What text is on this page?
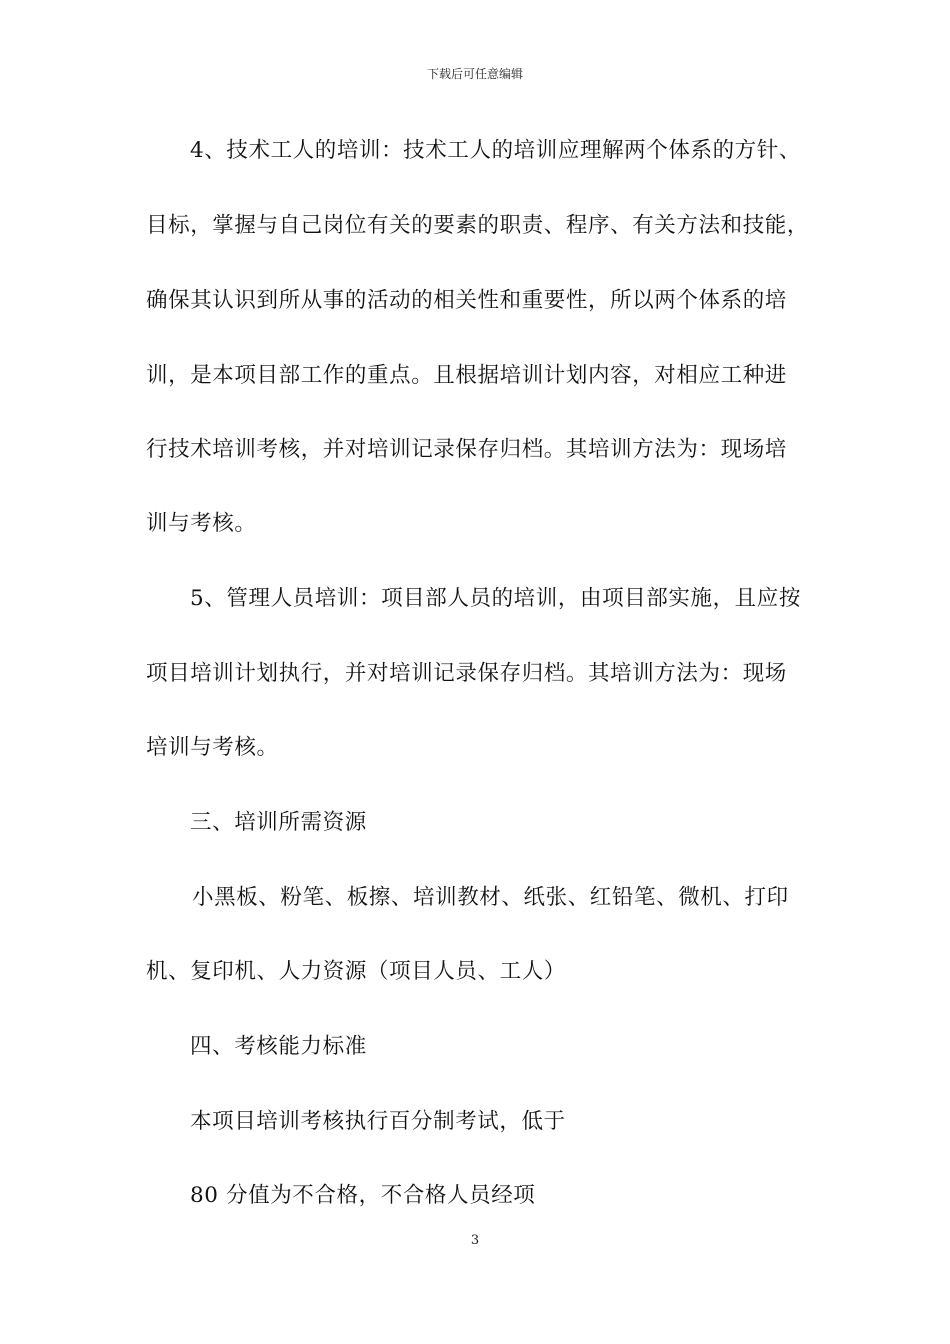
下载后可任意编辑
4、技术工人的培训：技术工人的培训应理解两个体系的方针、
目标，掌握与自己岗位有关的要素的职责、程序、有关方法和技能，
确保其认识到所从事的活动的相关性和重要性，所以两个体系的培
训，是本项目部工作的重点。且根据培训计划内容，对相应工种进
行技术培训考核，并对培训记录保存归档。其培训方法为：现场培
训与考核。
5、管理人员培训：项目部人员的培训，由项目部实施，且应按
项目培训计划执行，并对培训记录保存归档。其培训方法为：现场
培训与考核。
三、培训所需资源
小黑板、粉笔、板擦、培训教材、纸张、红铅笔、微机、打印
机、复印机、人力资源（项目人员、工人）
四、考核能力标准
本项目培训考核执行百分制考试，低于
80 分值为不合格，不合格人员经项
3
